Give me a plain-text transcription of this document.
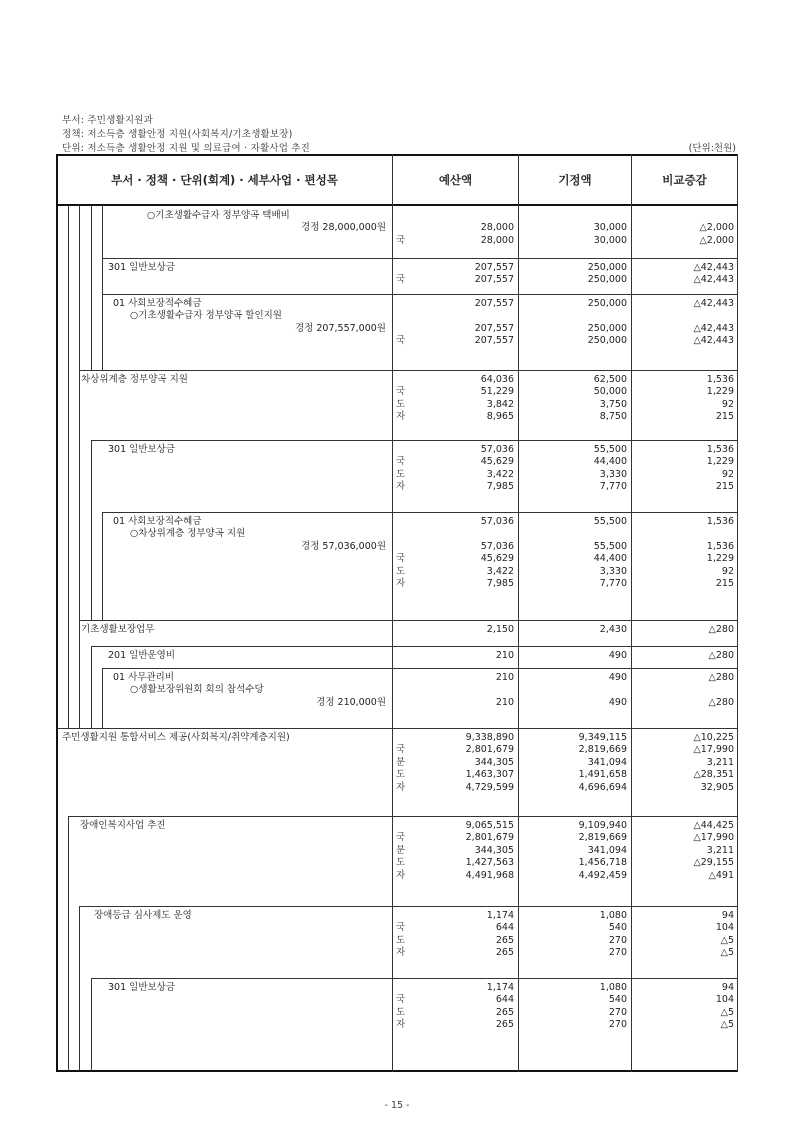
부서: 주민생활지원과
정책: 저소득층 생활안정 지원(사회복지/기초생활보장)
단위: 저소득층 생활안정 지원 및 의료급여 · 자활사업 추진	(단위:천원)
부서 · 정책 · 단위(회계) · 세부사업 · 편성목	예산액	기정액	비교증감
○기초생활수급자 정부양곡 택배비
경정 28,000,000원	28,000	30,000	△2,000
국	28,000	30,000	△2,000
301 일반보상금	207,557	250,000	△42,443
국	207,557	250,000	△42,443
01 사회보장적수혜금	207,557	250,000	△42,443
○기초생활수급자 정부양곡 할인지원
경정 207,557,000원	207,557	250,000	△42,443
국	207,557	250,000	△42,443
차상위계층 정부양곡 지원	64,036	62,500	1,536
국	51,229	50,000	1,229
도	3,842	3,750	92
자	8,965	8,750	215
301 일반보상금	57,036	55,500	1,536
국	45,629	44,400	1,229
도	3,422	3,330	92
자	7,985	7,770	215
01 사회보장적수혜금	57,036	55,500	1,536
○차상위계층 정부양곡 지원
경정 57,036,000원	57,036	55,500	1,536
국	45,629	44,400	1,229
도	3,422	3,330	92
자	7,985	7,770	215
기초생활보장업무	2,150	2,430	△280
201 일반운영비	210	490	△280
01 사무관리비	210	490	△280
○생활보장위원회 회의 참석수당
경정 210,000원	210	490	△280
주민생활지원 통합서비스 제공(사회복지/취약계층지원)	9,338,890	9,349,115	△10,225
국	2,801,679	2,819,669	△17,990
분	344,305	341,094	3,211
도	1,463,307	1,491,658	△28,351
자	4,729,599	4,696,694	32,905
장애인복지사업 추진	9,065,515	9,109,940	△44,425
국	2,801,679	2,819,669	△17,990
분	344,305	341,094	3,211
도	1,427,563	1,456,718	△29,155
자	4,491,968	4,492,459	△491
장애등급 심사제도 운영	1,174	1,080	94
국	644	540	104
도	265	270	△5
자	265	270	△5
301 일반보상금	1,174	1,080	94
국	644	540	104
도	265	270	△5
자	265	270	△5
- 15 -
